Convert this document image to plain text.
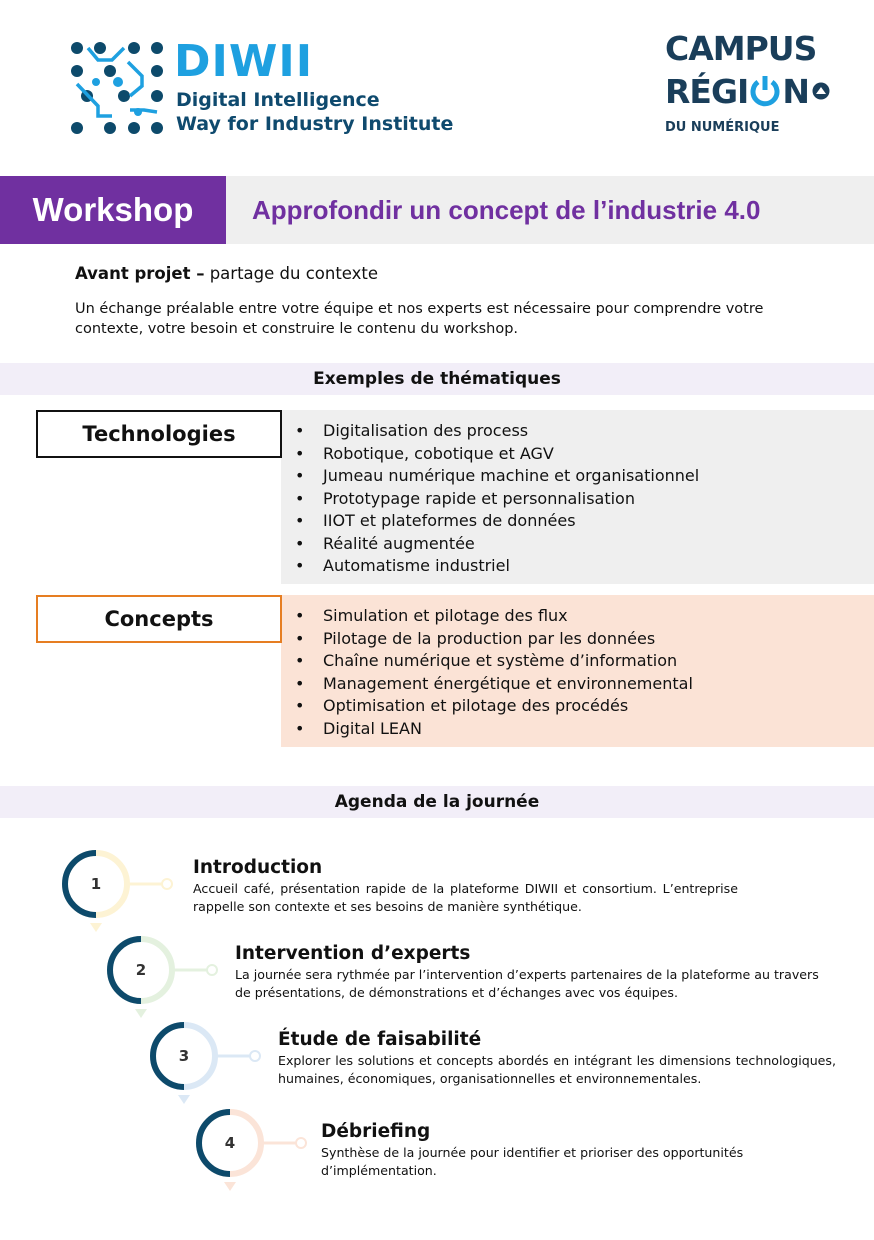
DIWII
Digital Intelligence
Way for Industry Institute
CAMPUS
RÉGI N
DU NUMÉRIQUE
Workshop	Approfondir un concept de l’industrie 4.0
Avant projet – partage du contexte
Un échange préalable entre votre équipe et nos experts est nécessaire pour comprendre votre contexte, votre besoin et construire le contenu du workshop.
Exemples de thématiques
• Digitalisation des process
• Robotique, cobotique et AGV
• Jumeau numérique machine et organisationnel
• Prototypage rapide et personnalisation
• IIOT et plateformes de données
• Réalité augmentée
• Automatisme industriel
Technologies
• Simulation et pilotage des flux
• Pilotage de la production par les données
• Chaîne numérique et système d’information
• Management énergétique et environnemental
• Optimisation et pilotage des procédés
• Digital LEAN
Concepts
Agenda de la journée
1
Introduction
Accueil café, présentation rapide de la plateforme DIWII et consortium. L’entreprise rappelle son contexte et ses besoins de manière synthétique.
2
Intervention d’experts
La journée sera rythmée par l’intervention d’experts partenaires de la plateforme au travers de présentations, de démonstrations et d’échanges avec vos équipes.
3
Étude de faisabilité
Explorer les solutions et concepts abordés en intégrant les dimensions technologiques, humaines, économiques, organisationnelles et environnementales.
4
Débriefing
Synthèse de la journée pour identifier et prioriser des opportunités d’implémentation.
